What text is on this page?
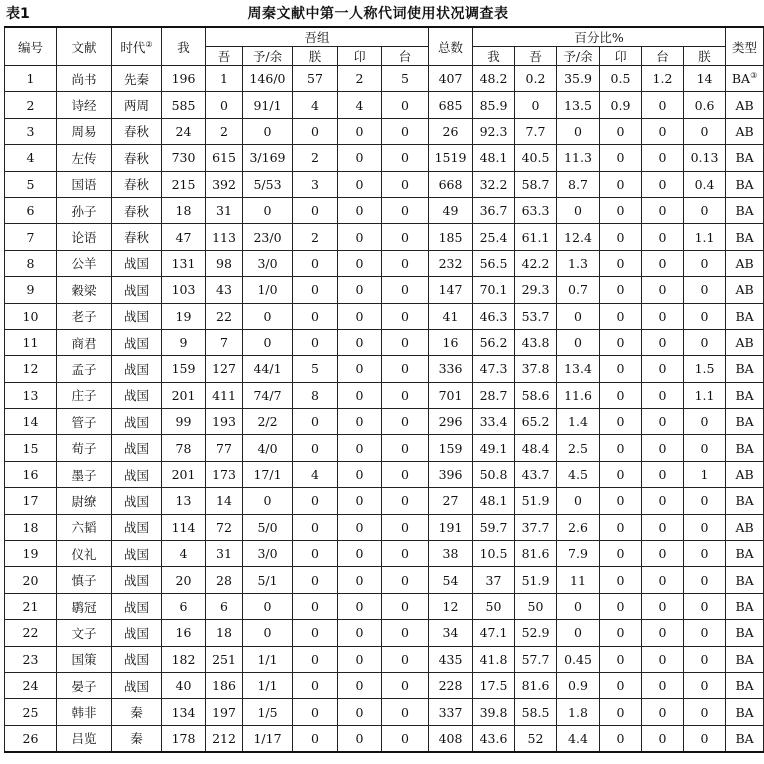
表1	周秦文献中第一人称代词使用状况调查表
编号	文献	时代②	我	吾组					总数	百分比%						类型
				吾	予/余	朕	卬	台		我	吾	予/余	卬	台	朕	
1	尚书	先秦	196	1	146/0	57	2	5	407	48.2	0.2	35.9	0.5	1.2	14	BA③
2	诗经	两周	585	0	91/1	4	4	0	685	85.9	0	13.5	0.9	0	0.6	AB
3	周易	春秋	24	2	0	0	0	0	26	92.3	7.7	0	0	0	0	AB
4	左传	春秋	730	615	3/169	2	0	0	1519	48.1	40.5	11.3	0	0	0.13	BA
5	国语	春秋	215	392	5/53	3	0	0	668	32.2	58.7	8.7	0	0	0.4	BA
6	孙子	春秋	18	31	0	0	0	0	49	36.7	63.3	0	0	0	0	BA
7	论语	春秋	47	113	23/0	2	0	0	185	25.4	61.1	12.4	0	0	1.1	BA
8	公羊	战国	131	98	3/0	0	0	0	232	56.5	42.2	1.3	0	0	0	AB
9	穀梁	战国	103	43	1/0	0	0	0	147	70.1	29.3	0.7	0	0	0	AB
10	老子	战国	19	22	0	0	0	0	41	46.3	53.7	0	0	0	0	BA
11	商君	战国	9	7	0	0	0	0	16	56.2	43.8	0	0	0	0	AB
12	孟子	战国	159	127	44/1	5	0	0	336	47.3	37.8	13.4	0	0	1.5	BA
13	庄子	战国	201	411	74/7	8	0	0	701	28.7	58.6	11.6	0	0	1.1	BA
14	管子	战国	99	193	2/2	0	0	0	296	33.4	65.2	1.4	0	0	0	BA
15	荀子	战国	78	77	4/0	0	0	0	159	49.1	48.4	2.5	0	0	0	BA
16	墨子	战国	201	173	17/1	4	0	0	396	50.8	43.7	4.5	0	0	1	AB
17	尉缭	战国	13	14	0	0	0	0	27	48.1	51.9	0	0	0	0	BA
18	六韬	战国	114	72	5/0	0	0	0	191	59.7	37.7	2.6	0	0	0	AB
19	仪礼	战国	4	31	3/0	0	0	0	38	10.5	81.6	7.9	0	0	0	BA
20	慎子	战国	20	28	5/1	0	0	0	54	37	51.9	11	0	0	0	BA
21	鹖冠	战国	6	6	0	0	0	0	12	50	50	0	0	0	0	BA
22	文子	战国	16	18	0	0	0	0	34	47.1	52.9	0	0	0	0	BA
23	国策	战国	182	251	1/1	0	0	0	435	41.8	57.7	0.45	0	0	0	BA
24	晏子	战国	40	186	1/1	0	0	0	228	17.5	81.6	0.9	0	0	0	BA
25	韩非	秦	134	197	1/5	0	0	0	337	39.8	58.5	1.8	0	0	0	BA
26	吕览	秦	178	212	1/17	0	0	0	408	43.6	52	4.4	0	0	0	BA
